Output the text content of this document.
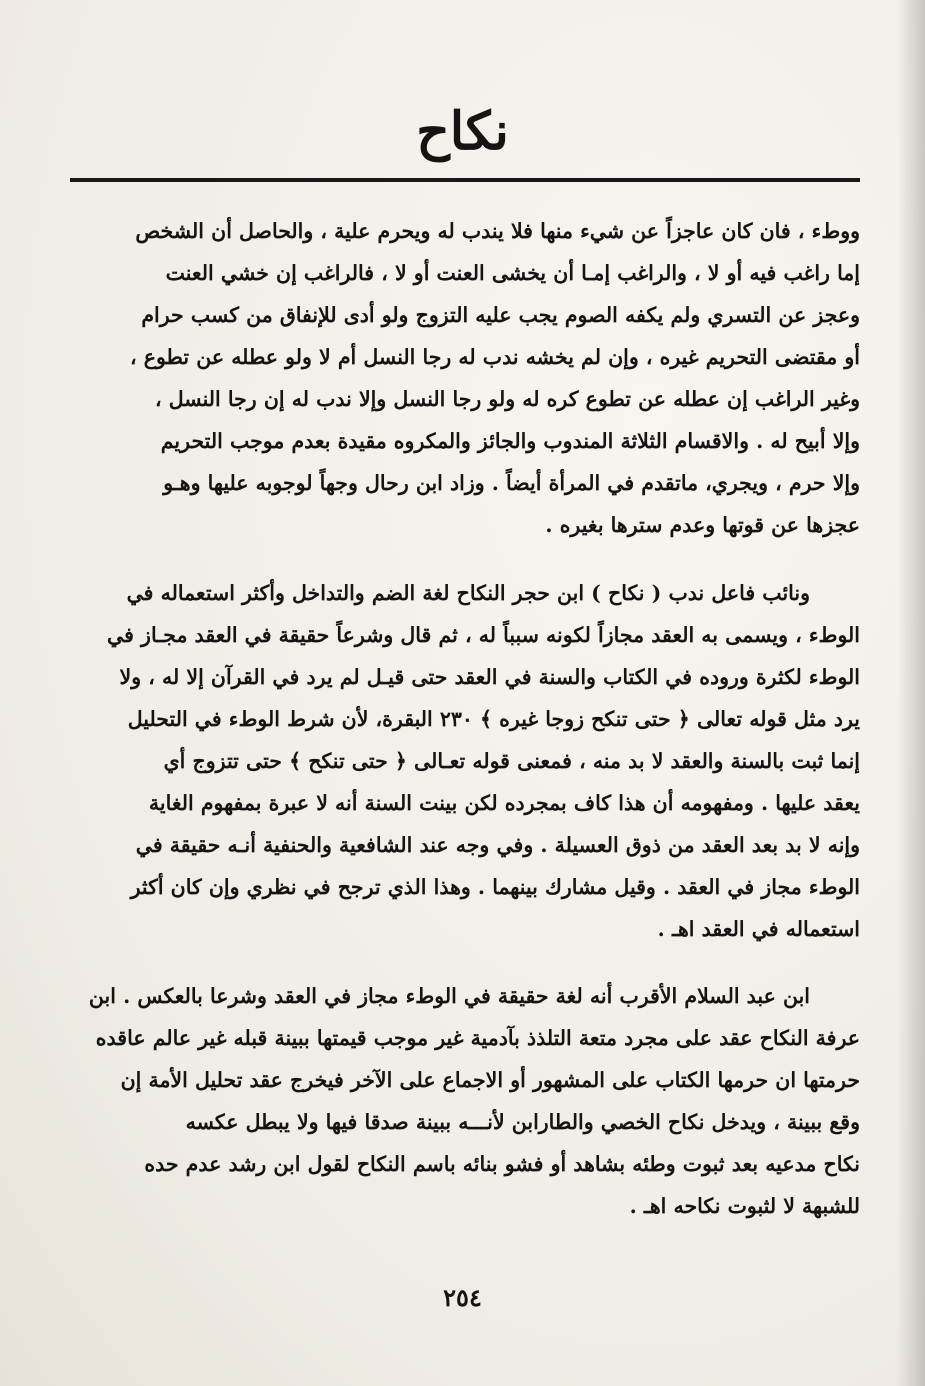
نكاح
ووطء ، فان كان عاجزاً عن شيء منها فلا يندب له ويحرم علية ، والحاصل أن الشخص
إما راغب فيه أو لا ، والراغب إمـا أن يخشى العنت أو لا ، فالراغب إن خشي العنت
وعجز عن التسري ولم يكفه الصوم يجب عليه التزوج ولو أدى للإنفاق من كسب حرام
أو مقتضى التحريم غيره ، وإن لم يخشه ندب له رجا النسل أم لا ولو عطله عن تطوع ،
وغير الراغب إن عطله عن تطوع كره له ولو رجا النسل وإلا ندب له إن رجا النسل ،
وإلا أبيح له . والاقسام الثلاثة المندوب والجائز والمكروه مقيدة بعدم موجب التحريم
وإلا حرم ، ويجري، ماتقدم في المرأة أيضاً . وزاد ابن رحال وجهاً لوجوبه عليها وهـو
عجزها عن قوتها وعدم سترها بغيره .
ونائب فاعل ندب ( نكاح ) ابن حجر النكاح لغة الضم والتداخل وأكثر استعماله في
الوطء ، ويسمى به العقد مجازاً لكونه سبباً له ، ثم قال وشرعاً حقيقة في العقد مجـاز في
الوطء لكثرة وروده في الكتاب والسنة في العقد حتى قيـل لم يرد في القرآن إلا له ، ولا
يرد مثل قوله تعالى ﴿ حتى تنكح زوجا غيره ﴾ ٢٣٠ البقرة، لأن شرط الوطء في التحليل
إنما ثبت بالسنة والعقد لا بد منه ، فمعنى قوله تعـالى ﴿ حتى تنكح ﴾ حتى تتزوج أي
يعقد عليها . ومفهومه أن هذا كاف بمجرده لكن بينت السنة أنه لا عبرة بمفهوم الغاية
وإنه لا بد بعد العقد من ذوق العسيلة . وفي وجه عند الشافعية والحنفية أنـه حقيقة في
الوطء مجاز في العقد . وقيل مشارك بينهما . وهذا الذي ترجح في نظري وإن كان أكثر
استعماله في العقد اهـ .
ابن عبد السلام الأقرب أنه لغة حقيقة في الوطء مجاز في العقد وشرعا بالعكس . ابن
عرفة النكاح عقد على مجرد متعة التلذذ بآدمية غير موجب قيمتها ببينة قبله غير عالم عاقده
حرمتها ان حرمها الكتاب على المشهور أو الاجماع على الآخر فيخرج عقد تحليل الأمة إن
وقع ببينة ، ويدخل نكاح الخصي والطارابن لأنـــه ببينة صدقا فيها ولا يبطل عكسه
نكاح مدعيه بعد ثبوت وطئه بشاهد أو فشو بنائه باسم النكاح لقول ابن رشد عدم حده
للشبهة لا لثبوت نكاحه اهـ .
٢٥٤
